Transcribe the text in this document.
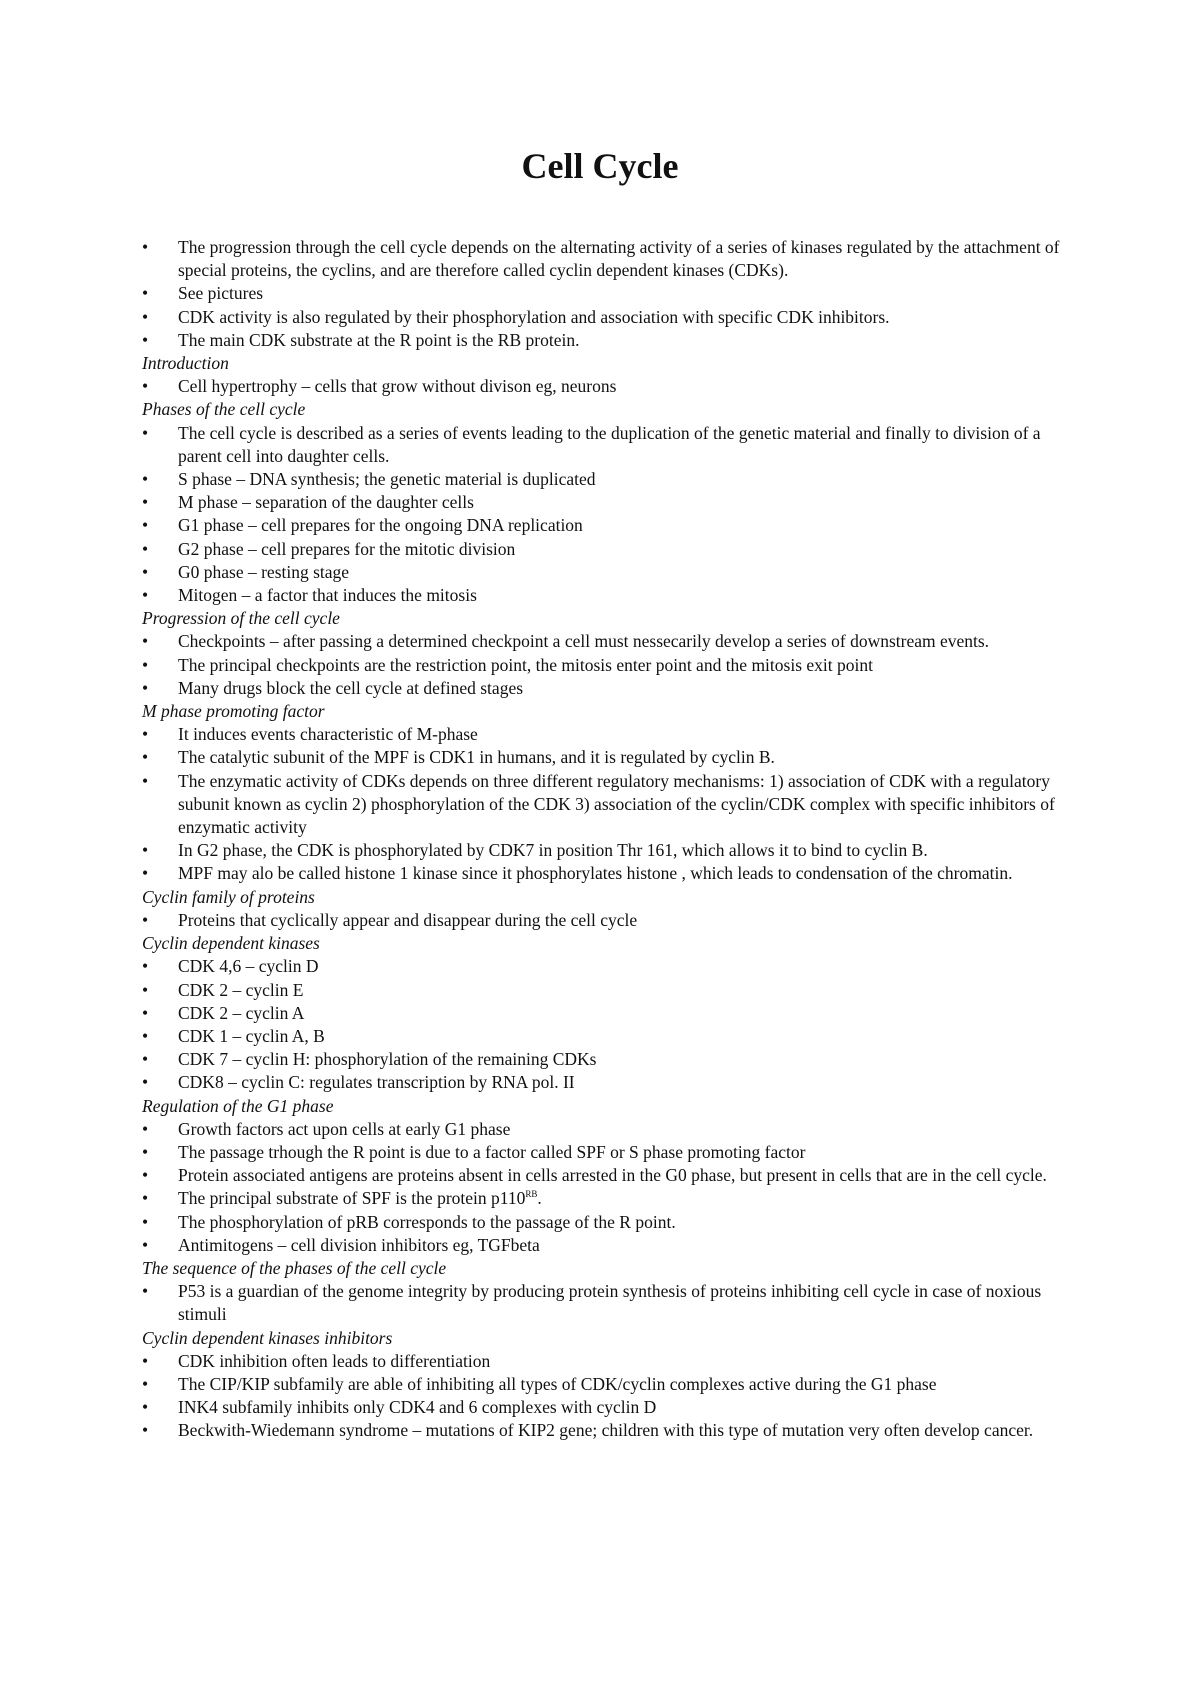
Cell Cycle
•	The progression through the cell cycle depends on the alternating activity of a series of kinases regulated by the attachment of special proteins, the cyclins, and are therefore called cyclin dependent kinases (CDKs).
•	See pictures
•	CDK activity is also regulated by their phosphorylation and association with specific CDK inhibitors.
•	The main CDK substrate at the R point is the RB protein.
Introduction
•	Cell hypertrophy – cells that grow without divison eg, neurons
Phases of the cell cycle
•	The cell cycle is described as a series of events leading to the duplication of the genetic material and finally to division of a parent cell into daughter cells.
•	S phase – DNA synthesis; the genetic material is duplicated
•	M phase – separation of the daughter cells
•	G1 phase – cell prepares for the ongoing DNA replication
•	G2 phase – cell prepares for the mitotic division
•	G0 phase – resting stage
•	Mitogen – a factor that induces the mitosis
Progression of the cell cycle
•	Checkpoints – after passing a determined checkpoint a cell must nessecarily develop a series of downstream events.
•	The principal checkpoints are the restriction point, the mitosis enter point and the mitosis exit point
•	Many drugs block the cell cycle at defined stages
M phase promoting factor
•	It induces events characteristic of M-phase
•	The catalytic subunit of the MPF is CDK1 in humans, and it is regulated by cyclin B.
•	The enzymatic activity of CDKs depends on three different regulatory mechanisms: 1) association of CDK with a regulatory subunit known as cyclin 2) phosphorylation of the CDK 3) association of the cyclin/CDK complex with specific inhibitors of enzymatic activity
•	In G2 phase, the CDK is phosphorylated by CDK7 in position Thr 161, which allows it to bind to cyclin B.
•	MPF may alo be called histone 1 kinase since it phosphorylates histone , which leads to condensation of the chromatin.
Cyclin family of proteins
•	Proteins that cyclically appear and disappear during the cell cycle
Cyclin dependent kinases
•	CDK 4,6 – cyclin D
•	CDK 2 – cyclin E
•	CDK 2 – cyclin A
•	CDK 1 – cyclin A, B
•	CDK 7 – cyclin H: phosphorylation of the remaining CDKs
•	CDK8 – cyclin C: regulates transcription by RNA pol. II
Regulation of the G1 phase
•	Growth factors act upon cells at early G1 phase
•	The passage trhough the R point is due to a factor called SPF or S phase promoting factor
•	Protein associated antigens are proteins absent in cells arrested in the G0 phase, but present in cells that are in the cell cycle.
•	The principal substrate of SPF is the protein $p110^{RB}$.
•	The phosphorylation of pRB corresponds to the passage of the R point.
•	Antimitogens – cell division inhibitors eg, TGFbeta
The sequence of the phases of the cell cycle
•	P53 is a guardian of the genome integrity by producing protein synthesis of proteins inhibiting cell cycle in case of noxious stimuli
Cyclin dependent kinases inhibitors
•	CDK inhibition often leads to differentiation
•	The CIP/KIP subfamily are able of inhibiting all types of CDK/cyclin complexes active during the G1 phase
•	INK4 subfamily inhibits only CDK4 and 6 complexes with cyclin D
•	Beckwith-Wiedemann syndrome – mutations of KIP2 gene; children with this type of mutation very often develop cancer.
